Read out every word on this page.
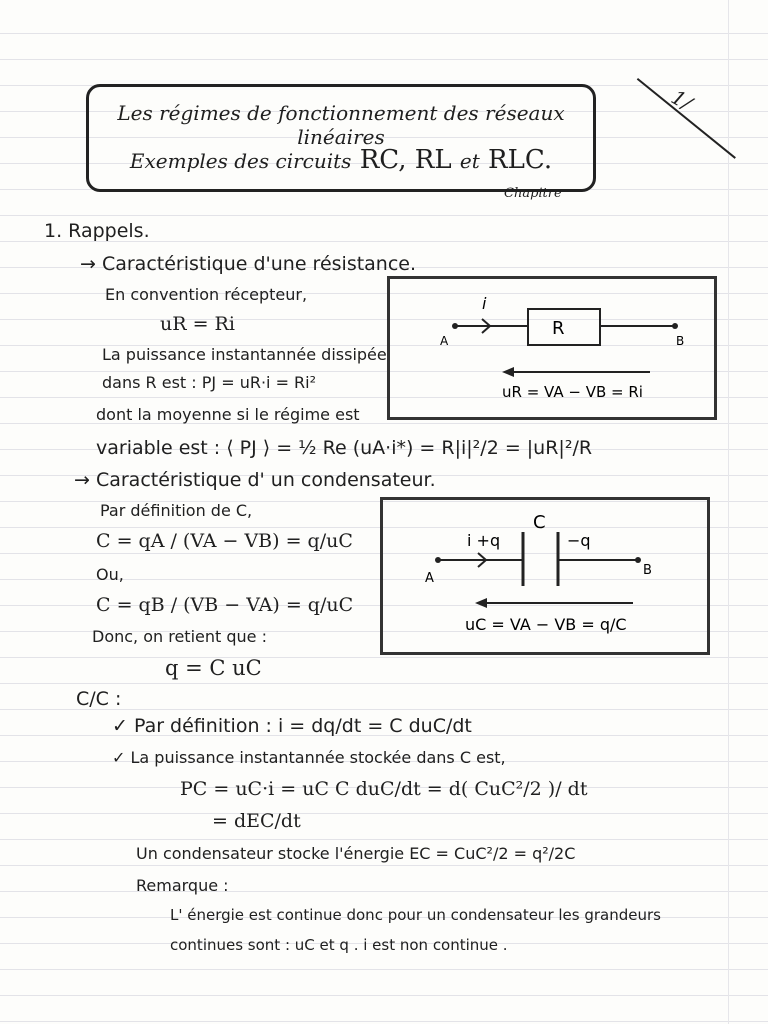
1/
Les régimes de fonctionnement des réseaux linéaires
Exemples des circuits RC, RL et RLC.
Chapitre
1. Rappels.
→ Caractéristique d'une résistance.
En convention récepteur,
uR = Ri
La puissance instantannée dissipée
dans R est : PJ = uR·i = Ri²
dont la moyenne si le régime est
variable est : ⟨ PJ ⟩ = ½ Re (uA·i*) = R|i|²/2 = |uR|²/R
R
i
A	B
uR = VA − VB = Ri
→ Caractéristique d' un condensateur.
Par définition de C,
C = qA / (VA − VB) = q/uC
Ou,
C = qB / (VB − VA) = q/uC
Donc, on retient que :
q = C uC
C
i +q	−q
A
B
uC = VA − VB = q/C
C/C :
✓ Par définition : i = dq/dt = C duC/dt
✓ La puissance instantannée stockée dans C est,
PC = uC·i = uC C duC/dt = d( CuC²/2 )/ dt
= dEC/dt
Un condensateur stocke l'énergie EC = CuC²/2 = q²/2C
Remarque :
L' énergie est continue donc pour un condensateur les grandeurs
continues sont : uC et q . i est non continue .
